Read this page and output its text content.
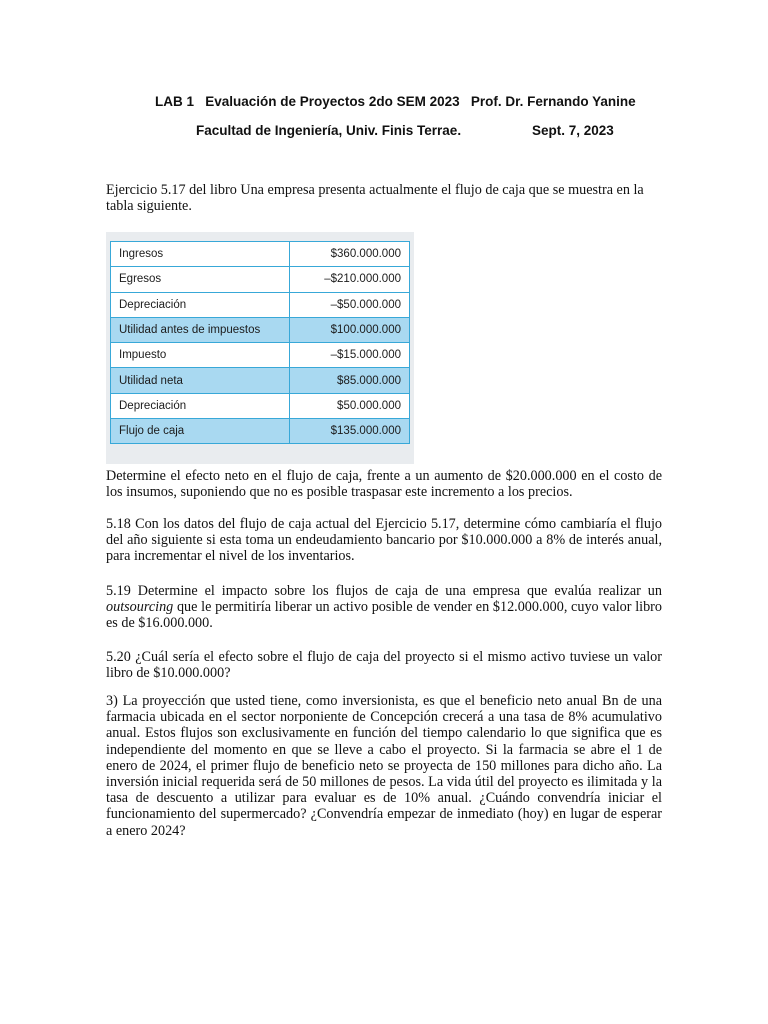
LAB 1   Evaluación de Proyectos 2do SEM 2023   Prof. Dr. Fernando Yanine
Facultad de Ingeniería, Univ. Finis Terrae.	Sept. 7, 2023

Ejercicio 5.17 del libro Una empresa presenta actualmente el flujo de caja que se muestra en la tabla siguiente.

Ingresos	$360.000.000
Egresos	–$210.000.000
Depreciación	–$50.000.000
Utilidad antes de impuestos	$100.000.000
Impuesto	–$15.000.000
Utilidad neta	$85.000.000
Depreciación	$50.000.000
Flujo de caja	$135.000.000

Determine el efecto neto en el flujo de caja, frente a un aumento de $20.000.000 en el costo de los insumos, suponiendo que no es posible traspasar este incremento a los precios.

5.18 Con los datos del flujo de caja actual del Ejercicio 5.17, determine cómo cambiaría el flujo del año siguiente si esta toma un endeudamiento bancario por $10.000.000 a 8% de interés anual, para incrementar el nivel de los inventarios.

5.19 Determine el impacto sobre los flujos de caja de una empresa que evalúa realizar un outsourcing que le permitiría liberar un activo posible de vender en $12.000.000, cuyo valor libro es de $16.000.000.

5.20 ¿Cuál sería el efecto sobre el flujo de caja del proyecto si el mismo activo tuviese un valor libro de $10.000.000?

3) La proyección que usted tiene, como inversionista, es que el beneficio neto anual Bn de una farmacia ubicada en el sector norponiente de Concepción crecerá a una tasa de 8% acumulativo anual. Estos flujos son exclusivamente en función del tiempo calendario lo que significa que es independiente del momento en que se lleve a cabo el proyecto. Si la farmacia se abre el 1 de enero de 2024, el primer flujo de beneficio neto se proyecta de 150 millones para dicho año. La inversión inicial requerida será de 50 millones de pesos. La vida útil del proyecto es ilimitada y la tasa de descuento a utilizar para evaluar es de 10% anual. ¿Cuándo convendría iniciar el funcionamiento del supermercado? ¿Convendría empezar de inmediato (hoy) en lugar de esperar a enero 2024?
